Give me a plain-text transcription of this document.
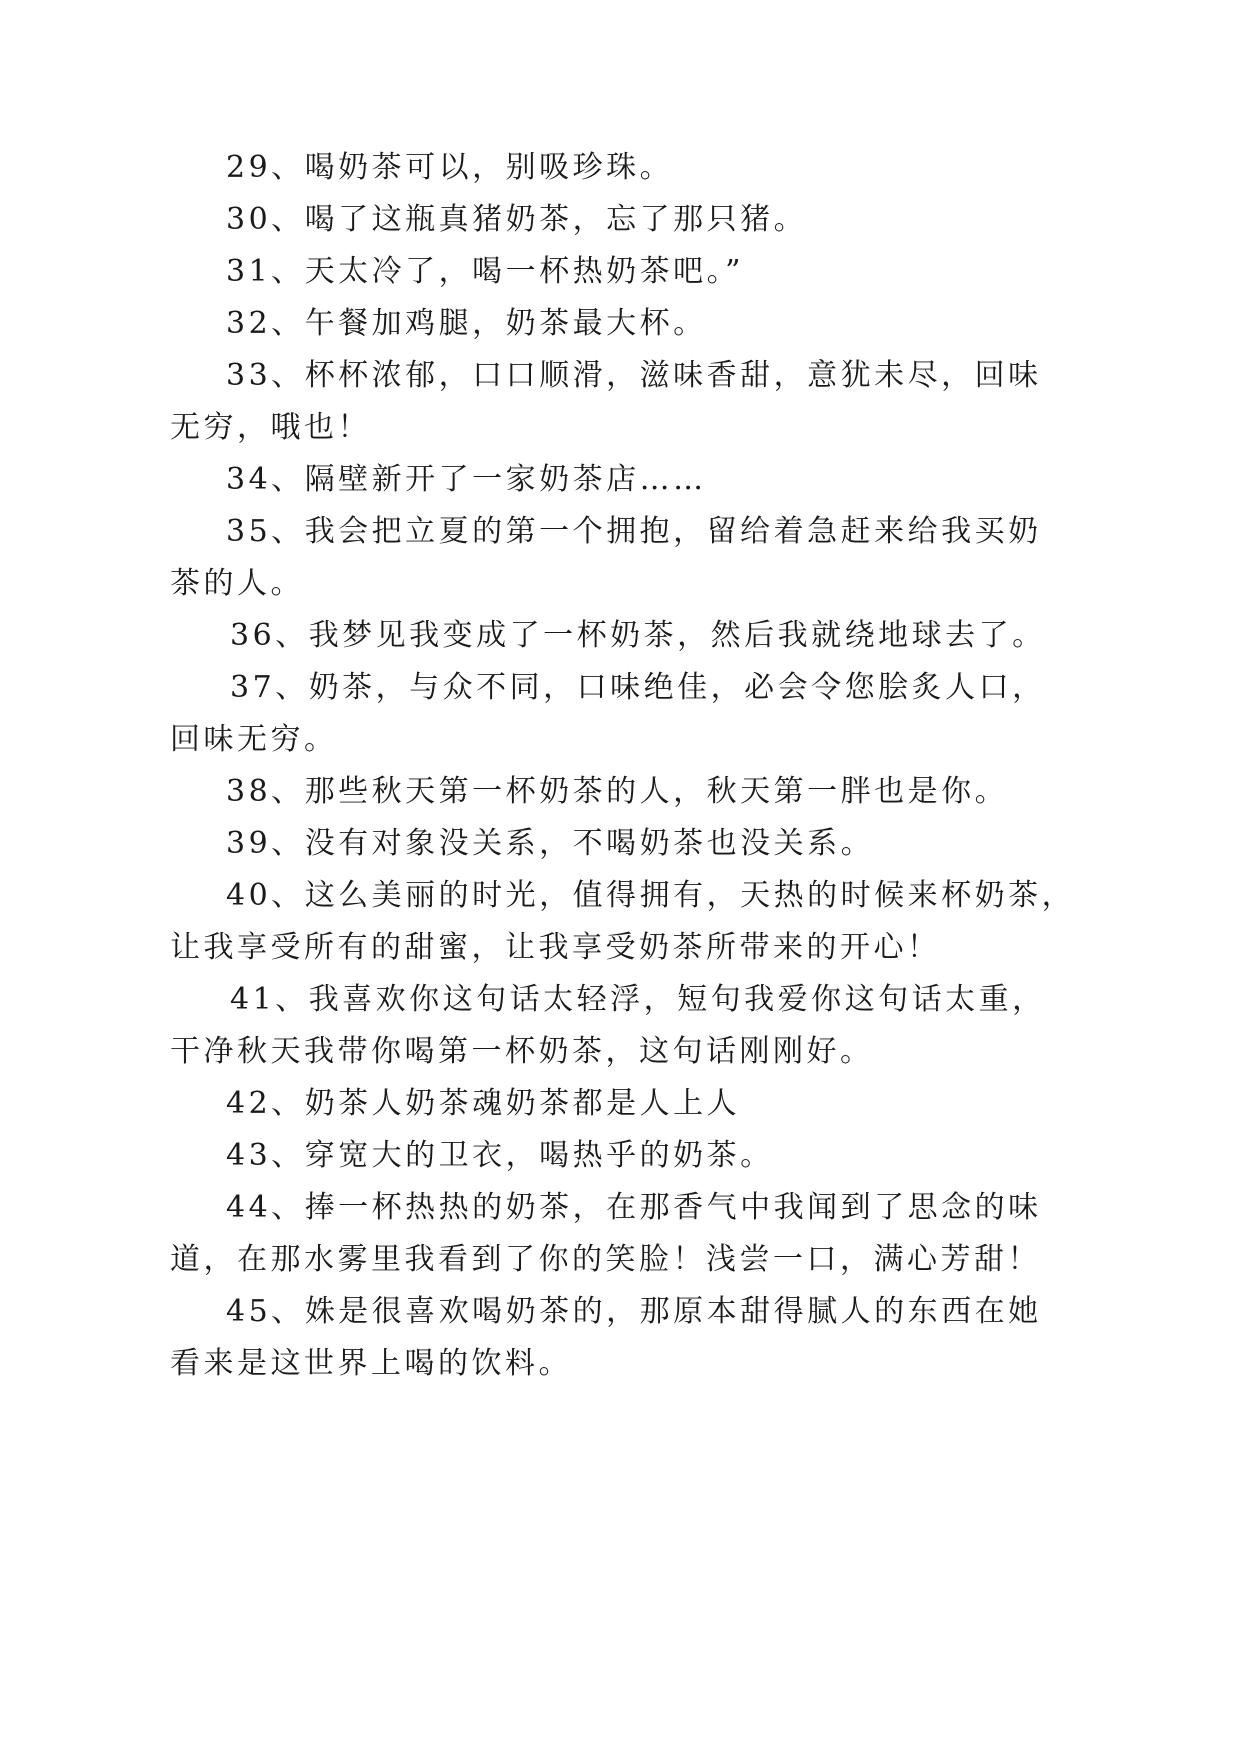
29、喝奶茶可以，别吸珍珠。
30、喝了这瓶真猪奶茶，忘了那只猪。
31、天太冷了，喝一杯热奶茶吧。”
32、午餐加鸡腿，奶茶最大杯。
33、杯杯浓郁，口口顺滑，滋味香甜，意犹未尽，回味
无穷，哦也！
34、隔壁新开了一家奶茶店……
35、我会把立夏的第一个拥抱，留给着急赶来给我买奶
茶的人。
36、我梦见我变成了一杯奶茶，然后我就绕地球去了。
37、奶茶，与众不同，口味绝佳，必会令您脍炙人口，
回味无穷。
38、那些秋天第一杯奶茶的人，秋天第一胖也是你。
39、没有对象没关系，不喝奶茶也没关系。
40、这么美丽的时光，值得拥有，天热的时候来杯奶茶，
让我享受所有的甜蜜，让我享受奶茶所带来的开心！
41、我喜欢你这句话太轻浮，短句我爱你这句话太重，
干净秋天我带你喝第一杯奶茶，这句话刚刚好。
42、奶茶人奶茶魂奶茶都是人上人
43、穿宽大的卫衣，喝热乎的奶茶。
44、捧一杯热热的奶茶，在那香气中我闻到了思念的味
道，在那水雾里我看到了你的笑脸！浅尝一口，满心芳甜！
45、姝是很喜欢喝奶茶的，那原本甜得腻人的东西在她
看来是这世界上喝的饮料。
